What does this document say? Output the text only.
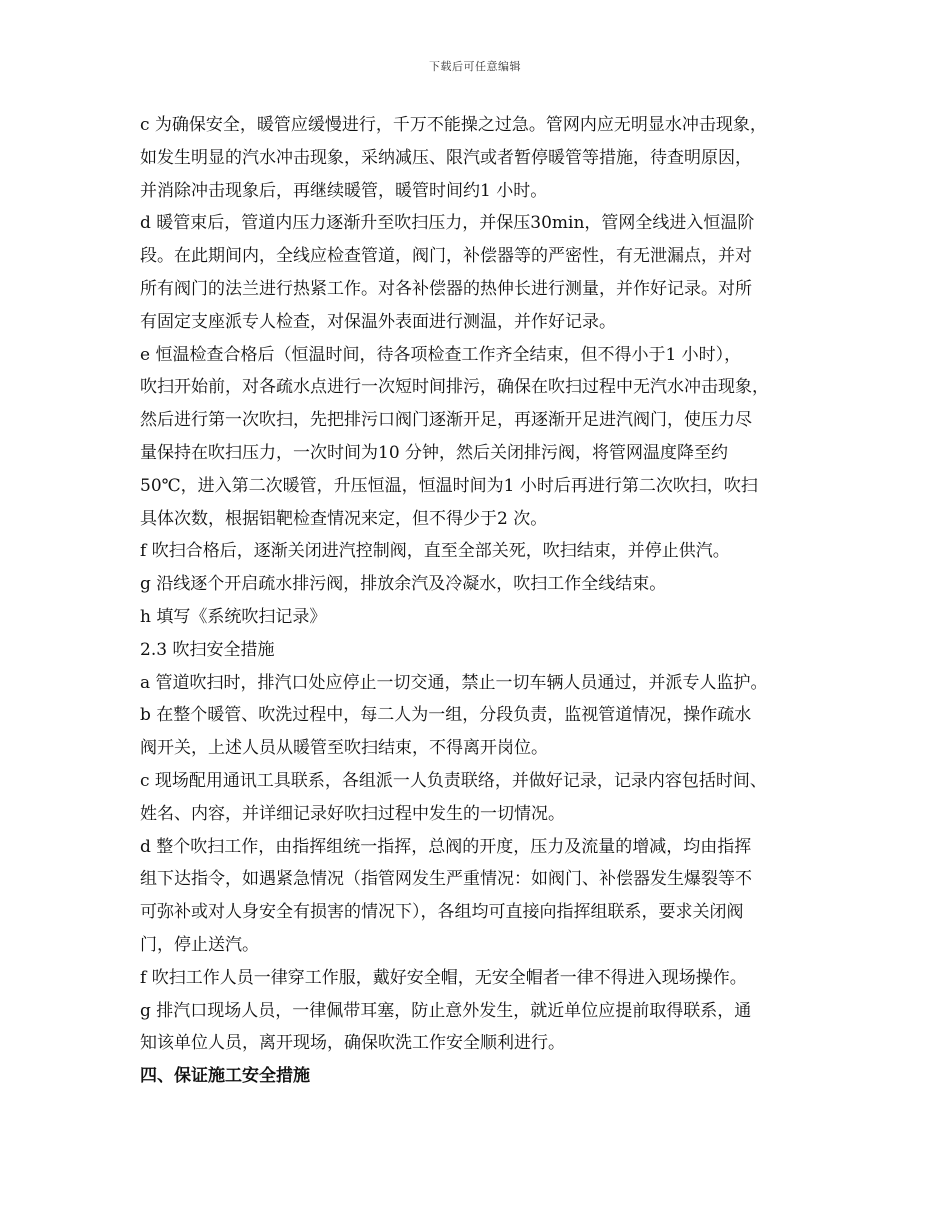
下载后可任意编辑

c 为确保安全，暖管应缓慢进行，千万不能操之过急。管网内应无明显水冲击现象，
如发生明显的汽水冲击现象，采纳减压、限汽或者暂停暖管等措施，待查明原因，
并消除冲击现象后，再继续暖管，暖管时间约1 小时。

d 暖管束后，管道内压力逐渐升至吹扫压力，并保压30min，管网全线进入恒温阶
段。在此期间内，全线应检查管道，阀门，补偿器等的严密性，有无泄漏点，并对
所有阀门的法兰进行热紧工作。对各补偿器的热伸长进行测量，并作好记录。对所
有固定支座派专人检查，对保温外表面进行测温，并作好记录。

e 恒温检查合格后（恒温时间，待各项检查工作齐全结束，但不得小于1 小时），
吹扫开始前，对各疏水点进行一次短时间排污，确保在吹扫过程中无汽水冲击现象，
然后进行第一次吹扫，先把排污口阀门逐渐开足，再逐渐开足进汽阀门，使压力尽
量保持在吹扫压力，一次时间为10 分钟，然后关闭排污阀，将管网温度降至约
50℃，进入第二次暖管，升压恒温，恒温时间为1 小时后再进行第二次吹扫，吹扫
具体次数，根据铝靶检查情况来定，但不得少于2 次。

f 吹扫合格后，逐渐关闭进汽控制阀，直至全部关死，吹扫结束，并停止供汽。

g 沿线逐个开启疏水排污阀，排放余汽及冷凝水，吹扫工作全线结束。

h 填写《系统吹扫记录》

2.3 吹扫安全措施

a 管道吹扫时，排汽口处应停止一切交通，禁止一切车辆人员通过，并派专人监护。

b 在整个暖管、吹洗过程中，每二人为一组，分段负责，监视管道情况，操作疏水
阀开关，上述人员从暖管至吹扫结束，不得离开岗位。

c 现场配用通讯工具联系，各组派一人负责联络，并做好记录，记录内容包括时间、
姓名、内容，并详细记录好吹扫过程中发生的一切情况。

d 整个吹扫工作，由指挥组统一指挥，总阀的开度，压力及流量的增减，均由指挥
组下达指令，如遇紧急情况（指管网发生严重情况：如阀门、补偿器发生爆裂等不
可弥补或对人身安全有损害的情况下），各组均可直接向指挥组联系，要求关闭阀
门，停止送汽。

f 吹扫工作人员一律穿工作服，戴好安全帽，无安全帽者一律不得进入现场操作。

g 排汽口现场人员，一律佩带耳塞，防止意外发生，就近单位应提前取得联系，通
知该单位人员，离开现场，确保吹洗工作安全顺利进行。

四、保证施工安全措施
